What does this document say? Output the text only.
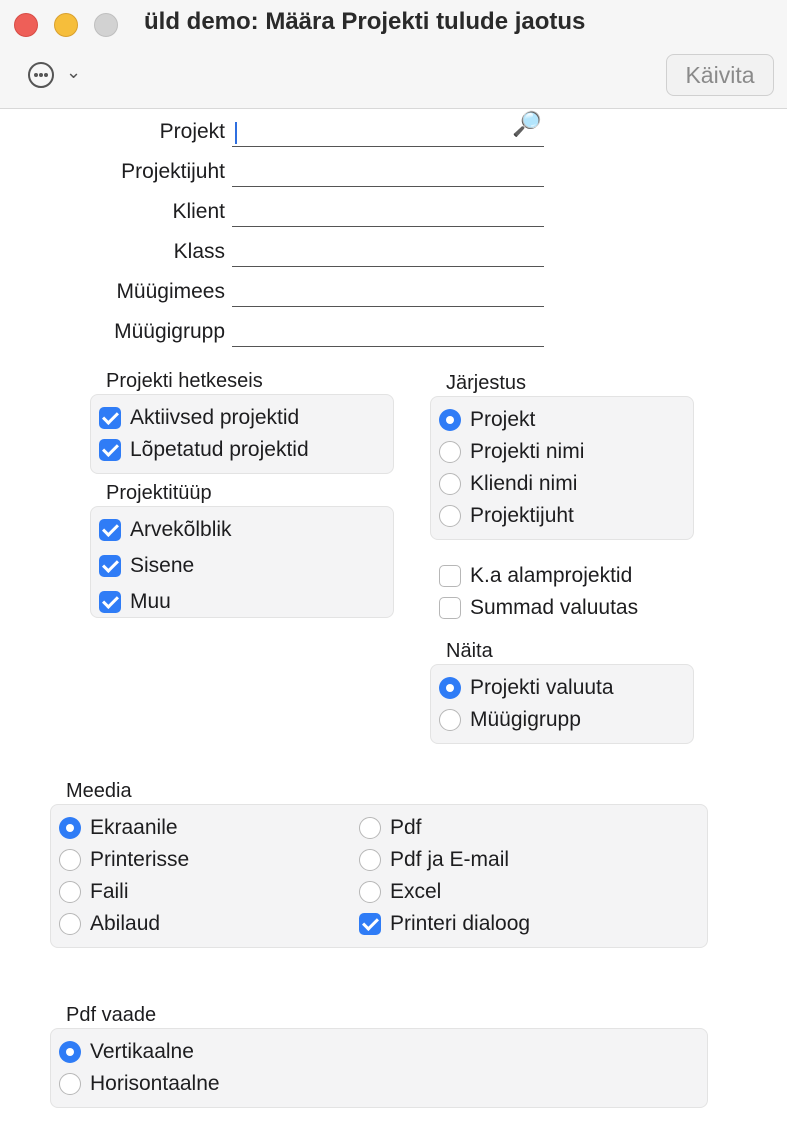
üld demo: Määra Projekti tulude jaotus
⌄	Käivita
Projekt	🔎
Projektijuht
Klient
Klass
Müügimees
Müügigrupp
Projekti hetkeseis
Aktiivsed projektid
Lõpetatud projektid
Projektitüüp
Arvekõlblik
Sisene
Muu
Järjestus
Projekt
Projekti nimi
Kliendi nimi
Projektijuht
K.a alamprojektid
Summad valuutas
Näita
Projekti valuuta
Müügigrupp
Meedia
Ekraanile
Printerisse
Faili
Abilaud
Pdf
Pdf ja E-mail
Excel
Printeri dialoog
Pdf vaade
Vertikaalne
Horisontaalne
